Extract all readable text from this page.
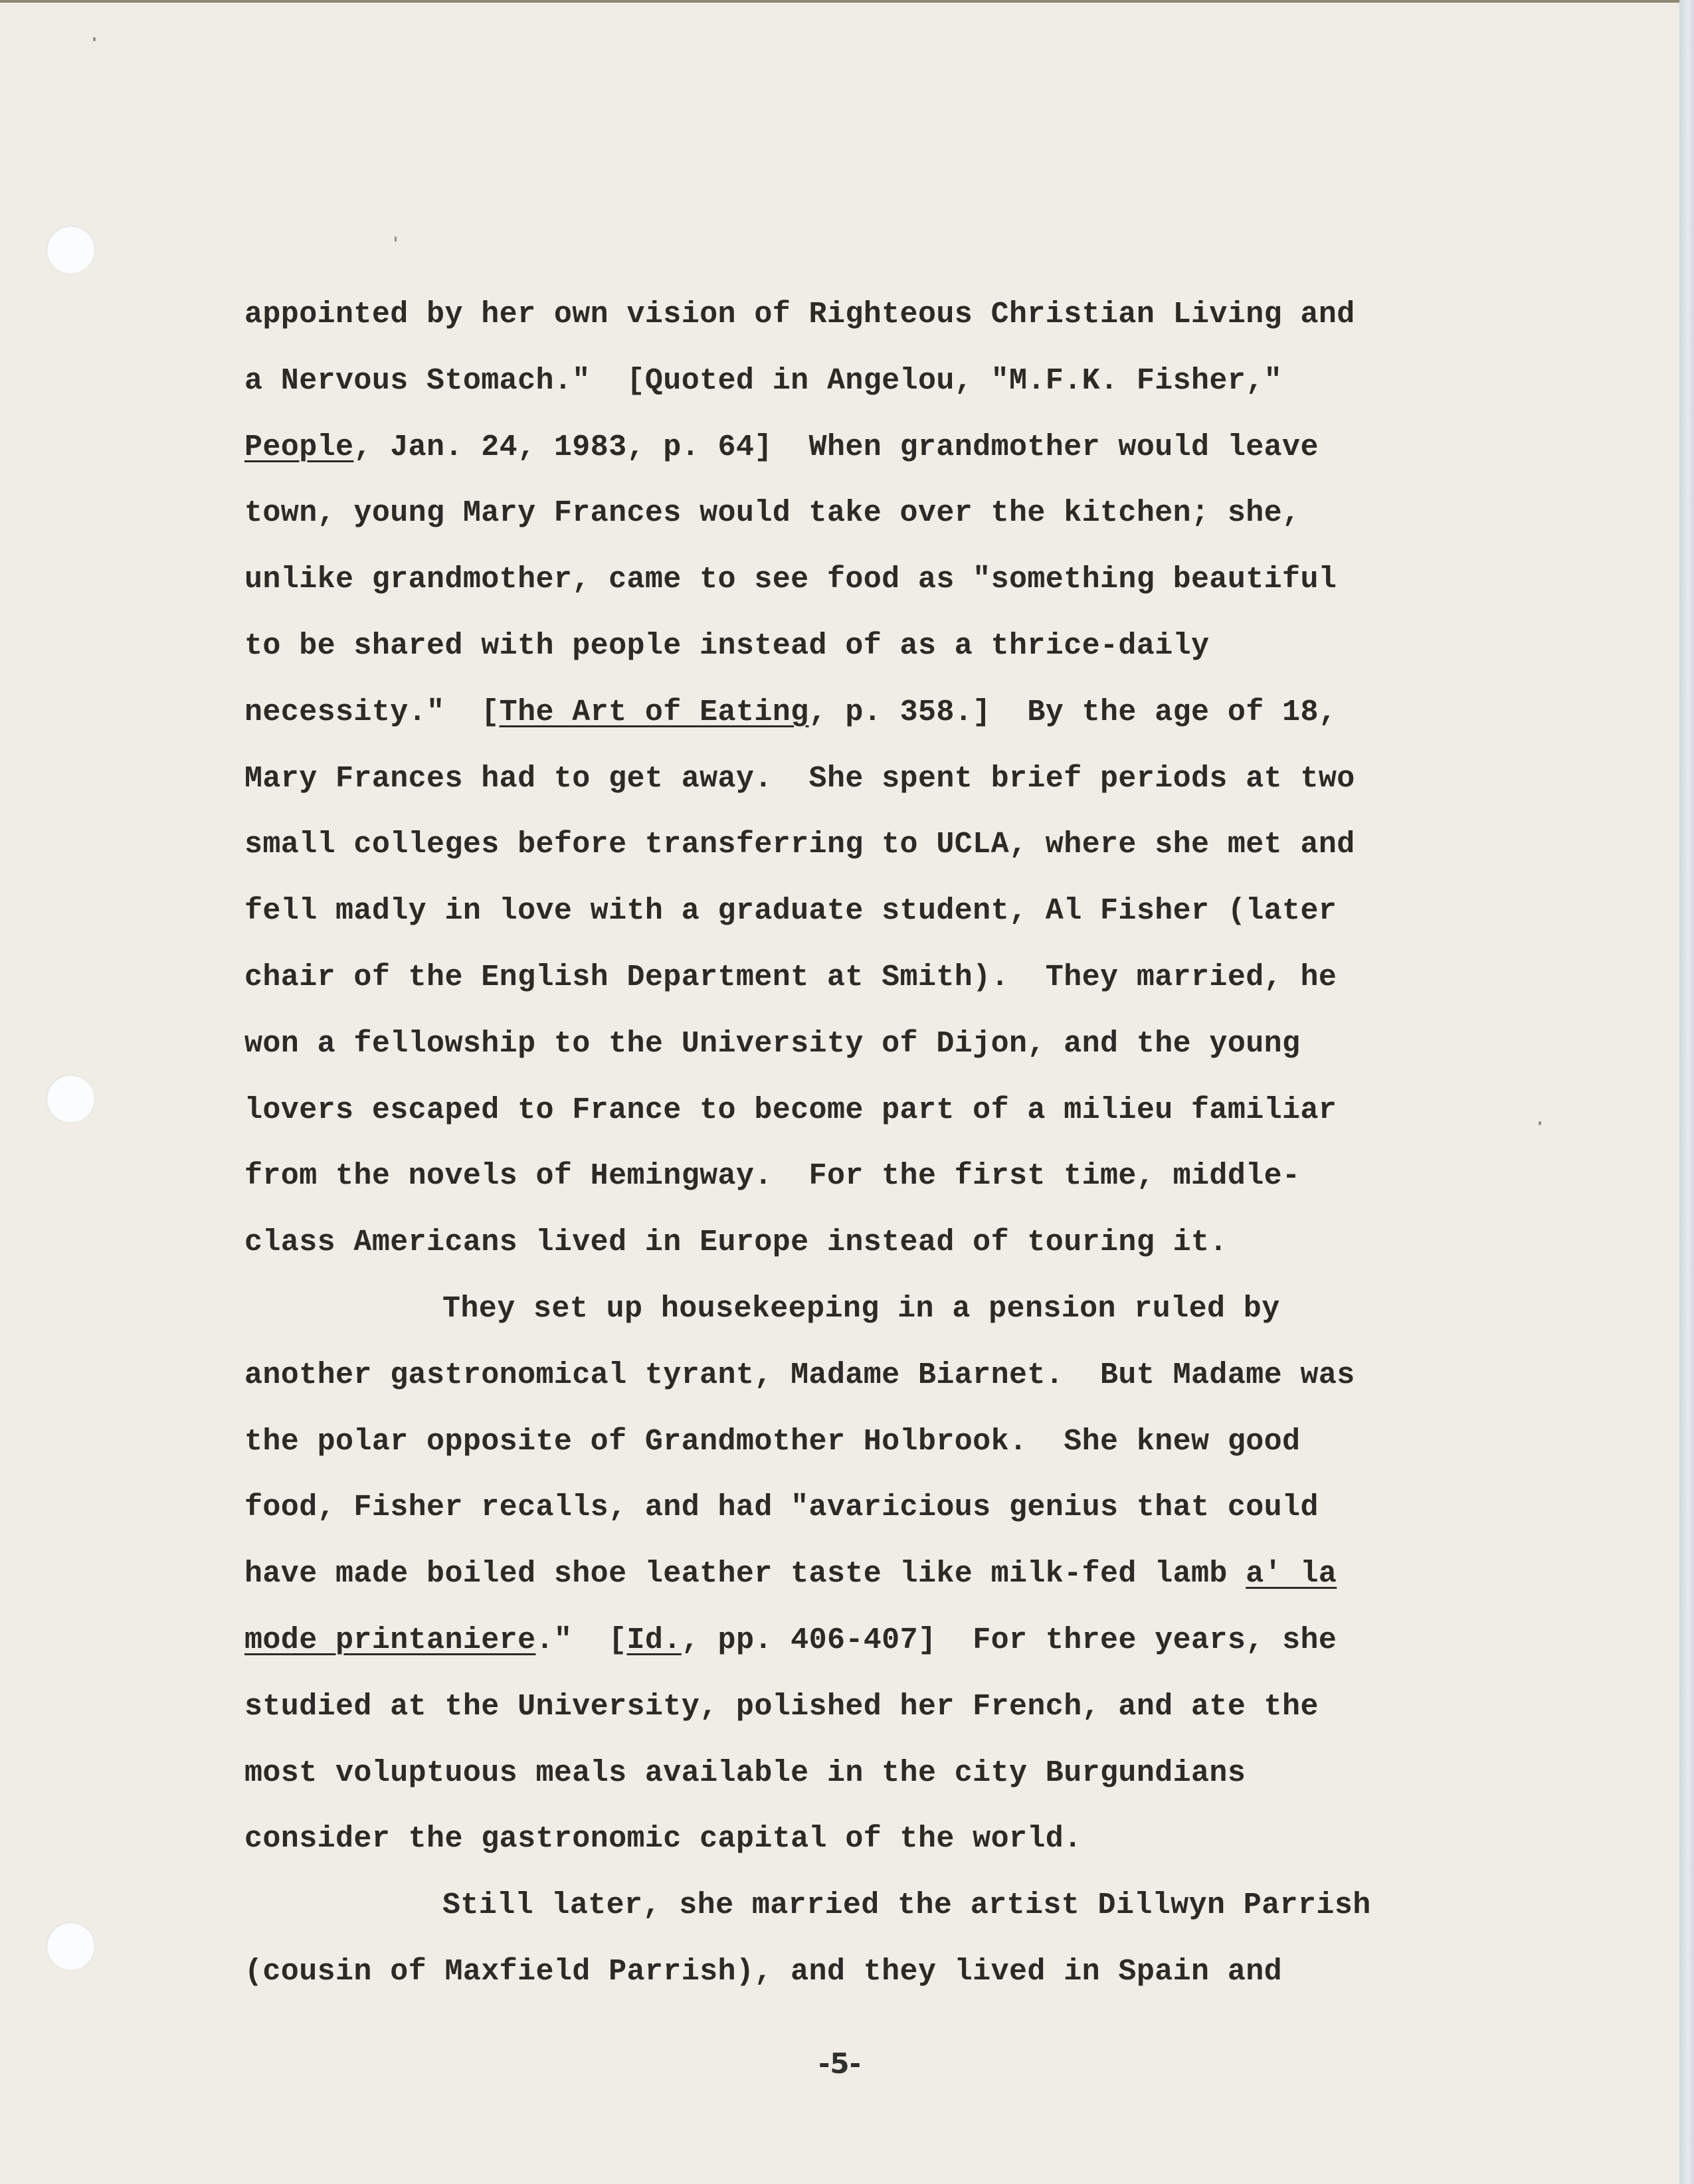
appointed by her own vision of Righteous Christian Living and
a Nervous Stomach."  [Quoted in Angelou, "M.F.K. Fisher,"
People, Jan. 24, 1983, p. 64]  When grandmother would leave
town, young Mary Frances would take over the kitchen; she,
unlike grandmother, came to see food as "something beautiful
to be shared with people instead of as a thrice-daily
necessity."  [The Art of Eating, p. 358.]  By the age of 18,
Mary Frances had to get away.  She spent brief periods at two
small colleges before transferring to UCLA, where she met and
fell madly in love with a graduate student, Al Fisher (later
chair of the English Department at Smith).  They married, he
won a fellowship to the University of Dijon, and the young
lovers escaped to France to become part of a milieu familiar
from the novels of Hemingway.  For the first time, middle-
class Americans lived in Europe instead of touring it.
They set up housekeeping in a pension ruled by
another gastronomical tyrant, Madame Biarnet.  But Madame was
the polar opposite of Grandmother Holbrook.  She knew good
food, Fisher recalls, and had "avaricious genius that could
have made boiled shoe leather taste like milk-fed lamb a' la
mode printaniere."  [Id., pp. 406-407]  For three years, she
studied at the University, polished her French, and ate the
most voluptuous meals available in the city Burgundians
consider the gastronomic capital of the world.
Still later, she married the artist Dillwyn Parrish
(cousin of Maxfield Parrish), and they lived in Spain and
-5-
